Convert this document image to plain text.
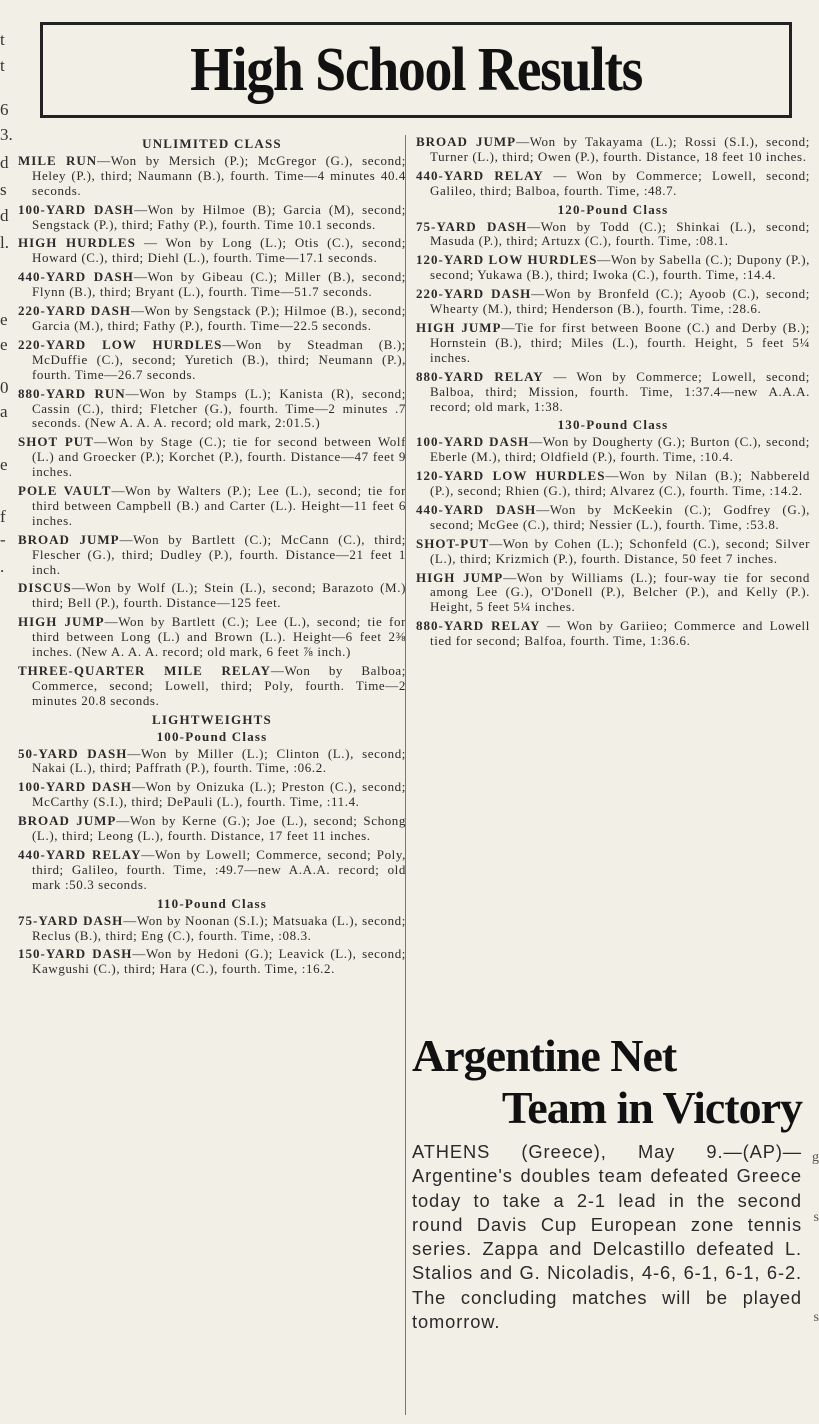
t
t
6
3.
d
s
d
l.
e
e
0
a
e
f
-
.
g
s
s
High School Results
UNLIMITED CLASS

MILE RUN—Won by Mersich (P.); McGregor (G.), second; Heley (P.), third; Naumann (B.), fourth. Time—4 minutes 40.4 seconds.

100-YARD DASH—Won by Hilmoe (B); Garcia (M), second; Sengstack (P.), third; Fathy (P.), fourth. Time 10.1 seconds.

HIGH HURDLES — Won by Long (L.); Otis (C.), second; Howard (C.), third; Diehl (L.), fourth. Time—17.1 seconds.

440-YARD DASH—Won by Gibeau (C.); Miller (B.), second; Flynn (B.), third; Bryant (L.), fourth. Time—51.7 seconds.

220-YARD DASH—Won by Sengstack (P.); Hilmoe (B.), second; Garcia (M.), third; Fathy (P.), fourth. Time—22.5 seconds.

220-YARD LOW HURDLES—Won by Steadman (B.); McDuffie (C.), second; Yuretich (B.), third; Neumann (P.), fourth. Time—26.7 seconds.

880-YARD RUN—Won by Stamps (L.); Kanista (R), second; Cassin (C.), third; Fletcher (G.), fourth. Time—2 minutes .7 seconds. (New A. A. A. record; old mark, 2:01.5.)

SHOT PUT—Won by Stage (C.); tie for second between Wolf (L.) and Groecker (P.); Korchet (P.), fourth. Distance—47 feet 9 inches.

POLE VAULT—Won by Walters (P.); Lee (L.), second; tie for third between Campbell (B.) and Carter (L.). Height—11 feet 6 inches.

BROAD JUMP—Won by Bartlett (C.); McCann (C.), third; Flescher (G.), third; Dudley (P.), fourth. Distance—21 feet 1 inch.

DISCUS—Won by Wolf (L.); Stein (L.), second; Barazoto (M.) third; Bell (P.), fourth. Distance—125 feet.

HIGH JUMP—Won by Bartlett (C.); Lee (L.), second; tie for third between Long (L.) and Brown (L.). Height—6 feet 2⅜ inches. (New A. A. A. record; old mark, 6 feet ⅞ inch.)

THREE-QUARTER MILE RELAY—Won by Balboa; Commerce, second; Lowell, third; Poly, fourth. Time—2 minutes 20.8 seconds.

LIGHTWEIGHTS
100-Pound Class

50-YARD DASH—Won by Miller (L.); Clinton (L.), second; Nakai (L.), third; Paffrath (P.), fourth. Time, :06.2.

100-YARD DASH—Won by Onizuka (L.); Preston (C.), second; McCarthy (S.I.), third; DePauli (L.), fourth. Time, :11.4.

BROAD JUMP—Won by Kerne (G.); Joe (L.), second; Schong (L.), third; Leong (L.), fourth. Distance, 17 feet 11 inches.

440-YARD RELAY—Won by Lowell; Commerce, second; Poly, third; Galileo, fourth. Time, :49.7—new A.A.A. record; old mark :50.3 seconds.

110-Pound Class

75-YARD DASH—Won by Noonan (S.I.); Matsuaka (L.), second; Reclus (B.), third; Eng (C.), fourth. Time, :08.3.

150-YARD DASH—Won by Hedoni (G.); Leavick (L.), second; Kawgushi (C.), third; Hara (C.), fourth. Time, :16.2.

BROAD JUMP—Won by Takayama (L.); Rossi (S.I.), second; Turner (L.), third; Owen (P.), fourth. Distance, 18 feet 10 inches.

440-YARD RELAY — Won by Commerce; Lowell, second; Galileo, third; Balboa, fourth. Time, :48.7.

120-Pound Class

75-YARD DASH—Won by Todd (C.); Shinkai (L.), second; Masuda (P.), third; Artuzx (C.), fourth. Time, :08.1.

120-YARD LOW HURDLES—Won by Sabella (C.); Dupony (P.), second; Yukawa (B.), third; Iwoka (C.), fourth. Time, :14.4.

220-YARD DASH—Won by Bronfeld (C.); Ayoob (C.), second; Whearty (M.), third; Henderson (B.), fourth. Time, :28.6.

HIGH JUMP—Tie for first between Boone (C.) and Derby (B.); Hornstein (B.), third; Miles (L.), fourth. Height, 5 feet 5¼ inches.

880-YARD RELAY — Won by Commerce; Lowell, second; Balboa, third; Mission, fourth. Time, 1:37.4—new A.A.A. record; old mark, 1:38.

130-Pound Class

100-YARD DASH—Won by Dougherty (G.); Burton (C.), second; Eberle (M.), third; Oldfield (P.), fourth. Time, :10.4.

120-YARD LOW HURDLES—Won by Nilan (B.); Nabbereld (P.), second; Rhien (G.), third; Alvarez (C.), fourth. Time, :14.2.

440-YARD DASH—Won by McKeekin (C.); Godfrey (G.), second; McGee (C.), third; Nessier (L.), fourth. Time, :53.8.

SHOT-PUT—Won by Cohen (L.); Schonfeld (C.), second; Silver (L.), third; Krizmich (P.), fourth. Distance, 50 feet 7 inches.

HIGH JUMP—Won by Williams (L.); four-way tie for second among Lee (G.), O'Donell (P.), Belcher (P.), and Kelly (P.). Height, 5 feet 5¼ inches.

880-YARD RELAY — Won by Gariieo; Commerce and Lowell tied for second; Balfoa, fourth. Time, 1:36.6.

Argentine Net
Team in Victory

ATHENS (Greece), May 9.—(AP)—Argentine's doubles team defeated Greece today to take a 2-1 lead in the second round Davis Cup European zone tennis series. Zappa and Delcastillo defeated L. Stalios and G. Nicoladis, 4-6, 6-1, 6-1, 6-2. The concluding matches will be played tomorrow.
